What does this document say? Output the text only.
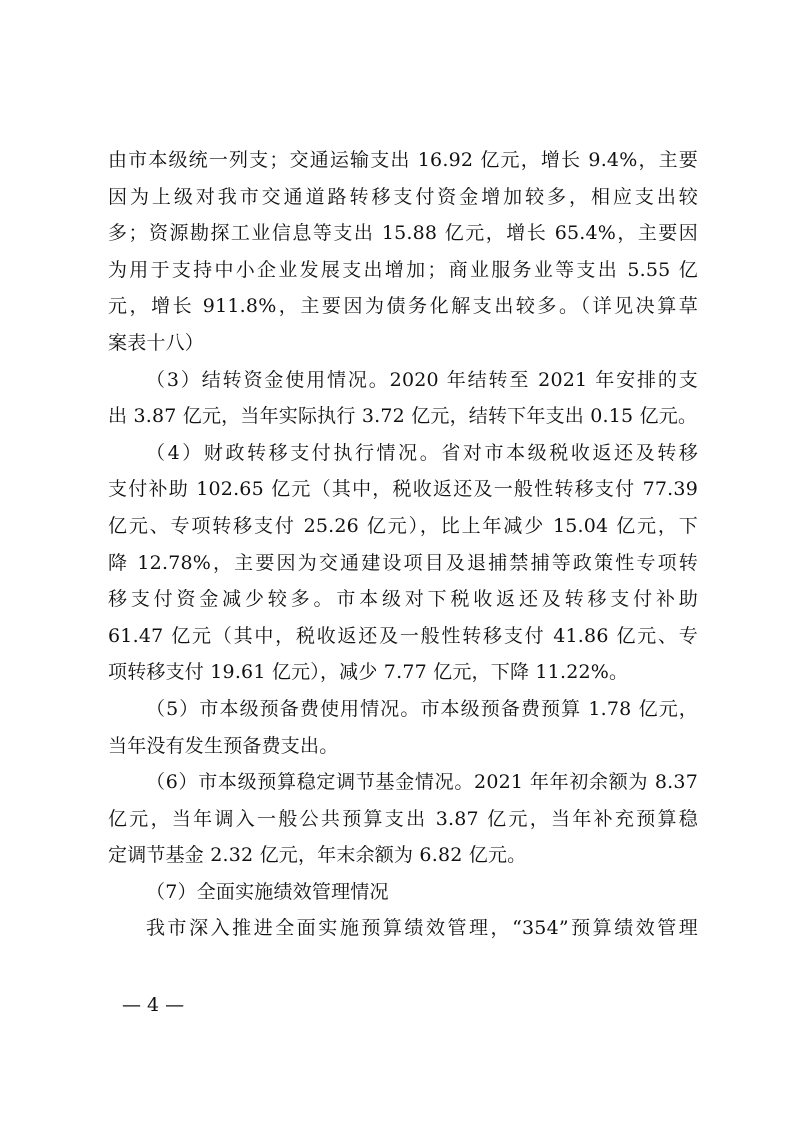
由市本级统一列支；交通运输支出 16.92 亿元，增长 9.4%，主要
因为上级对我市交通道路转移支付资金增加较多，相应支出较
多；资源勘探工业信息等支出 15.88 亿元，增长 65.4%，主要因
为用于支持中小企业发展支出增加；商业服务业等支出 5.55 亿
元，增长 911.8%，主要因为债务化解支出较多。（详见决算草
案表十八）
（3）结转资金使用情况。2020 年结转至 2021 年安排的支
出 3.87 亿元，当年实际执行 3.72 亿元，结转下年支出 0.15 亿元。
（4）财政转移支付执行情况。省对市本级税收返还及转移
支付补助 102.65 亿元（其中，税收返还及一般性转移支付 77.39
亿元、专项转移支付 25.26 亿元），比上年减少 15.04 亿元，下
降 12.78%，主要因为交通建设项目及退捕禁捕等政策性专项转
移支付资金减少较多。市本级对下税收返还及转移支付补助
61.47 亿元（其中，税收返还及一般性转移支付 41.86 亿元、专
项转移支付 19.61 亿元），减少 7.77 亿元，下降 11.22%。
（5）市本级预备费使用情况。市本级预备费预算 1.78 亿元，
当年没有发生预备费支出。
（6）市本级预算稳定调节基金情况。2021 年年初余额为 8.37
亿元，当年调入一般公共预算支出 3.87 亿元，当年补充预算稳
定调节基金 2.32 亿元，年末余额为 6.82 亿元。
（7）全面实施绩效管理情况
我市深入推进全面实施预算绩效管理，“354”预算绩效管理
— 4 —
